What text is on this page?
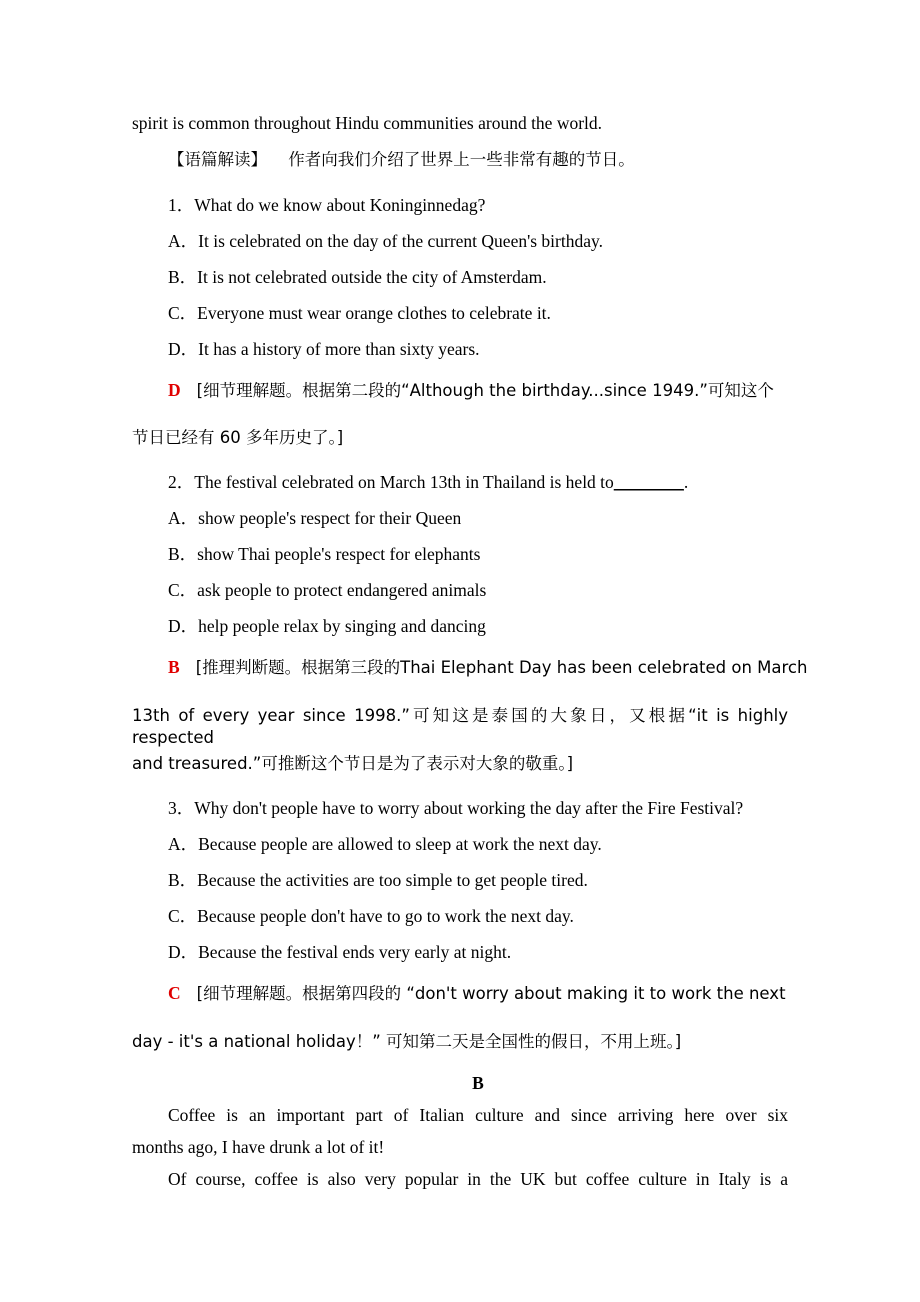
spirit is common throughout Hindu communities around the world.
【语篇解读】 作者向我们介绍了世界上一些非常有趣的节日。
1．What do we know about Koninginnedag?
A．It is celebrated on the day of the current Queen's birthday.
B．It is not celebrated outside the city of Amsterdam.
C．Everyone must wear orange clothes to celebrate it.
D．It has a history of more than sixty years.
D [细节理解题。根据第二段的“Although the birthday...since 1949.”可知这个
节日已经有 60 多年历史了。]
2．The festival celebrated on March 13th in Thailand is held to________.
A．show people's respect for their Queen
B．show Thai people's respect for elephants
C．ask people to protect endangered animals
D．help people relax by singing and dancing
B [推理判断题。根据第三段的Thai Elephant Day has been celebrated on March
13th of every year since 1998.”可知这是泰国的大象日，又根据“it is highly respected
and treasured.”可推断这个节日是为了表示对大象的敬重。]
3．Why don't people have to worry about working the day after the Fire Festival?
A．Because people are allowed to sleep at work the next day.
B．Because the activities are too simple to get people tired.
C．Because people don't have to go to work the next day.
D．Because the festival ends very early at night.
C [细节理解题。根据第四段的 “don't worry about making it to work the next
day - it's a national holiday！” 可知第二天是全国性的假日，不用上班。]
B
Coffee is an important part of Italian culture and since arriving here over six
months ago, I have drunk a lot of it!
Of course, coffee is also very popular in the UK but coffee culture in Italy is a
